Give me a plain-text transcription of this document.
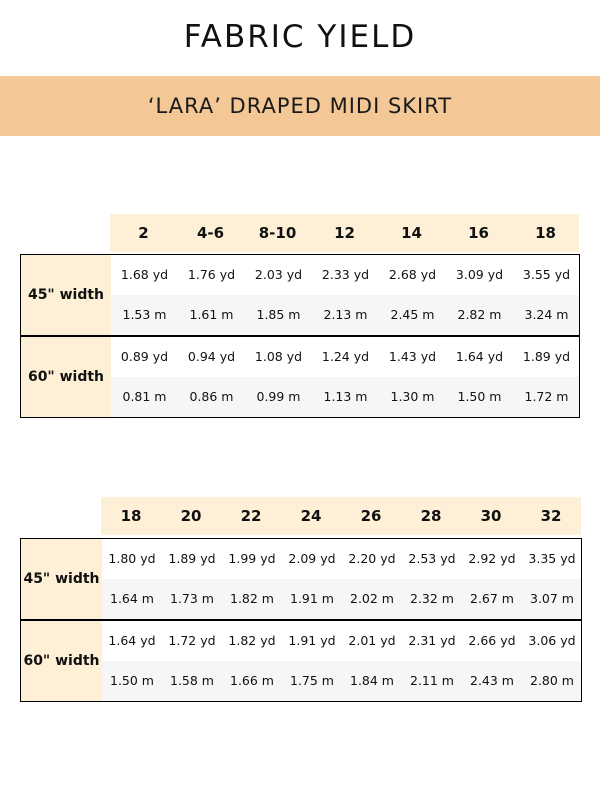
FABRIC YIELD
‘LARA’ DRAPED MIDI SKIRT
2	4-6	8-10	12	14	16	18
45" width
1.68 yd	1.76 yd	2.03 yd	2.33 yd	2.68 yd	3.09 yd	3.55 yd
1.53 m	1.61 m	1.85 m	2.13 m	2.45 m	2.82 m	3.24 m
60" width
0.89 yd	0.94 yd	1.08 yd	1.24 yd	1.43 yd	1.64 yd	1.89 yd
0.81 m	0.86 m	0.99 m	1.13 m	1.30 m	1.50 m	1.72 m
18	20	22	24	26	28	30	32
45" width
1.80 yd	1.89 yd	1.99 yd	2.09 yd	2.20 yd	2.53 yd	2.92 yd	3.35 yd
1.64 m	1.73 m	1.82 m	1.91 m	2.02 m	2.32 m	2.67 m	3.07 m
60" width
1.64 yd	1.72 yd	1.82 yd	1.91 yd	2.01 yd	2.31 yd	2.66 yd	3.06 yd
1.50 m	1.58 m	1.66 m	1.75 m	1.84 m	2.11 m	2.43 m	2.80 m
